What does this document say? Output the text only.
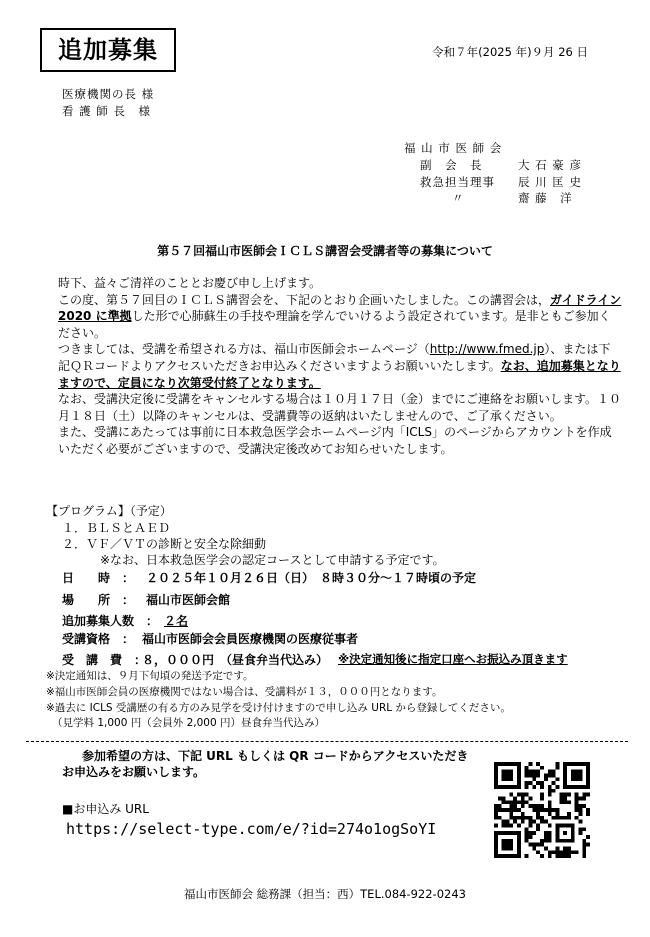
追加募集	令和７年(2025 年)９月 26 日
医療機関の長 様
看 護 師 長　様
福 山 市 医 師 会
副　会　長	大 石 豪 彦
救急担当理事 辰 川 匡 史
〃	齋 藤　洋
第５７回福山市医師会ＩＣＬＳ講習会受講者等の募集について

時下、益々ご清祥のこととお慶び申し上げます。

この度、第５７回目のＩＣＬＳ講習会を、下記のとおり企画いたしました。この講習会は，ガイドライン 2020 に準拠した形で心肺蘇生の手技や理論を学んでいけるよう設定されています。是非ともご参加ください。

つきましては、受講を希望される方は、福山市医師会ホームページ（http://www.fmed.jp）、または下記ＱＲコードよりアクセスいただきお申込みくださいますようお願いいたします。なお、追加募集となりますので、定員になり次第受付終了となります。

なお、受講決定後に受講をキャンセルする場合は１０月１７日（金）までにご連絡をお願いします。１０月１８日（土）以降のキャンセルは、受講費等の返納はいたしませんので、ご了承ください。

また、受講にあたっては事前に日本救急医学会ホームページ内「ICLS」のページからアカウントを作成いただく必要がございますので、受講決定後改めてお知らせいたします。

【プログラム】（予定）
１．ＢＬＳとＡＥＤ
２．ＶＦ／ＶＴの診断と安全な除細動
※なお、日本救急医学会の認定コースとして申請する予定です。
日　　時　： ２０２５年１０月２６日（日）　８時３０分～１７時頃の予定
場　　所　： 福山市医師会館
追加募集人数　： ２名
受講資格　： 福山市医師会会員医療機関の医療従事者
受　講　費　：
８，０００円　（昼食弁当代込み） ※決定通知後に指定口座へお振込み頂きます
※決定通知は、９月下旬頃の発送予定です。
※福山市医師会員の医療機関ではない場合は、受講料が１３，０００円となります。
※過去に ICLS 受講歴の有る方のみ見学を受け付けますので申し込み URL から登録してください。
（見学料 1,000 円（会員外 2,000 円）昼食弁当代込み）
参加希望の方は、下記 URL もしくは QR コードからアクセスいただき
お申込みをお願いします。
■お申込み URL
https://select-type.com/e/?id=274o1ogSoYI
福山市医師会 総務課（担当：西）TEL.084-922-0243
